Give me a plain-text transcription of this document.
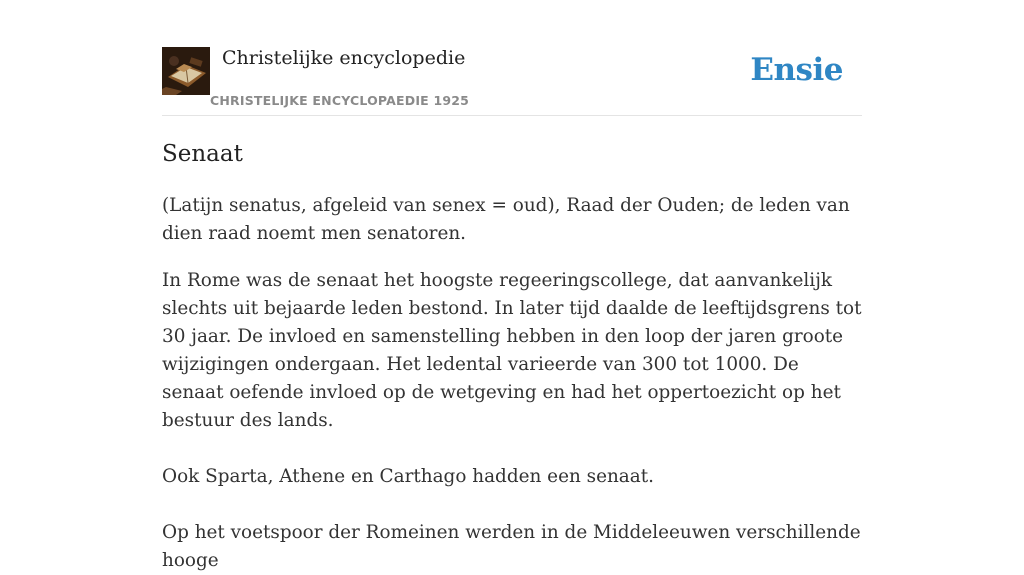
Christelijke encyclopedie
CHRISTELIJKE ENCYCLOPAEDIE 1925
Ensie
Senaat

(Latijn senatus, afgeleid van senex = oud), Raad der Ouden; de leden van dien raad noemt men senatoren.

In Rome was de senaat het hoogste regeeringscollege, dat aanvankelijk slechts uit bejaarde leden bestond. In later tijd daalde de leeftijdsgrens tot 30 jaar. De invloed en samenstelling hebben in den loop der jaren groote wijzigingen ondergaan. Het ledental varieerde van 300 tot 1000. De senaat oefende invloed op de wetgeving en had het oppertoezicht op het bestuur des lands.

Ook Sparta, Athene en Carthago hadden een senaat.

Op het voetspoor der Romeinen werden in de Middeleeuwen verschillende hooge
